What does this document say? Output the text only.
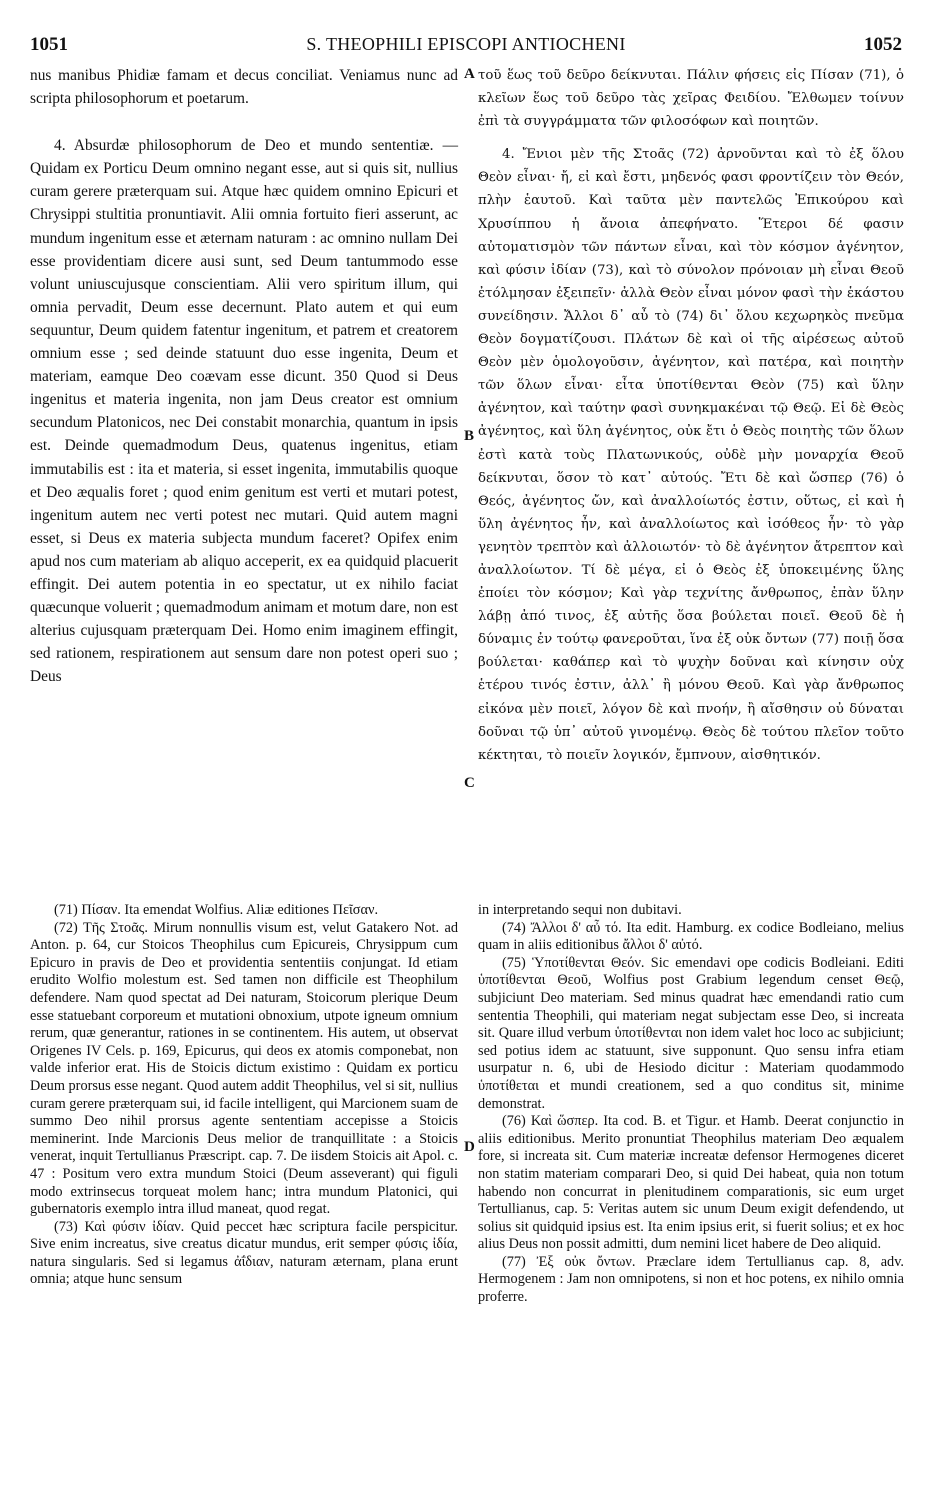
1051	S. THEOPHILI EPISCOPI ANTIOCHENI	1052

nus manibus Phidiæ famam et decus conciliat. Veniamus nunc ad scripta philosophorum et poetarum.

4. Absurdæ philosophorum de Deo et mundo sententiæ. — Quidam ex Porticu Deum omnino negant esse, aut si quis sit, nullius curam gerere præterquam sui. Atque hæc quidem omnino Epicuri et Chrysippi stultitia pronuntiavit. Alii omnia fortuito fieri asserunt, ac mundum ingenitum esse et æternam naturam : ac omnino nullam Dei esse providentiam dicere ausi sunt, sed Deum tantummodo esse volunt uniuscujusque conscientiam. Alii vero spiritum illum, qui omnia pervadit, Deum esse decernunt. Plato autem et qui eum sequuntur, Deum quidem fatentur ingenitum, et patrem et creatorem omnium esse ; sed deinde statuunt duo esse ingenita, Deum et materiam, eamque Deo coævam esse dicunt. 350 Quod si Deus ingenitus et materia ingenita, non jam Deus creator est omnium secundum Platonicos, nec Dei constabit monarchia, quantum in ipsis est. Deinde quemadmodum Deus, quatenus ingenitus, etiam immutabilis est : ita et materia, si esset ingenita, immutabilis quoque et Deo æqualis foret ; quod enim genitum est verti et mutari potest, ingenitum autem nec verti potest nec mutari. Quid autem magni esset, si Deus ex materia subjecta mundum faceret? Opifex enim apud nos cum materiam ab aliquo acceperit, ex ea quidquid placuerit effingit. Dei autem potentia in eo spectatur, ut ex nihilo faciat quæcunque voluerit ; quemadmodum animam et motum dare, non est alterius cujusquam præterquam Dei. Homo enim imaginem effingit, sed rationem, respirationem aut sensum dare non potest operi suo ; Deus

A
B
C
D

τοῦ ἕως τοῦ δεῦρο δείκνυται. Πάλιν φήσεις εἰς Πίσαν (71), ὁ κλεῖων ἕως τοῦ δεῦρο τὰς χεῖρας Φειδίου. Ἔλθωμεν τοίνυν ἐπὶ τὰ συγγράμματα τῶν φιλοσόφων καὶ ποιητῶν.

4. Ἔνιοι μὲν τῆς Στοᾶς (72) ἀρνοῦνται καὶ τὸ ἐξ ὅλου Θεὸν εἶναι· ἤ, εἰ καὶ ἔστι, μηδενός φασι φροντίζειν τὸν Θεόν, πλὴν ἑαυτοῦ. Καὶ ταῦτα μὲν παντελῶς Ἐπικούρου καὶ Χρυσίππου ἡ ἄνοια ἀπεφήνατο. Ἕτεροι δέ φασιν αὐτοματισμὸν τῶν πάντων εἶναι, καὶ τὸν κόσμον ἀγένητον, καὶ φύσιν ἰδίαν (73), καὶ τὸ σύνολον πρόνοιαν μὴ εἶναι Θεοῦ ἐτόλμησαν ἐξειπεῖν· ἀλλὰ Θεὸν εἶναι μόνον φασὶ τὴν ἑκάστου συνείδησιν. Ἄλλοι δ᾽ αὖ τὸ (74) δι᾽ ὅλου κεχωρηκὸς πνεῦμα Θεὸν δογματίζουσι. Πλάτων δὲ καὶ οἱ τῆς αἱρέσεως αὐτοῦ Θεὸν μὲν ὁμολογοῦσιν, ἀγένητον, καὶ πατέρα, καὶ ποιητὴν τῶν ὅλων εἶναι· εἶτα ὑποτίθενται Θεὸν (75) καὶ ὕλην ἀγένητον, καὶ ταύτην φασὶ συνηκμακέναι τῷ Θεῷ. Εἰ δὲ Θεὸς ἀγένητος, καὶ ὕλη ἀγένητος, οὐκ ἔτι ὁ Θεὸς ποιητὴς τῶν ὅλων ἐστὶ κατὰ τοὺς Πλατωνικούς, οὐδὲ μὴν μοναρχία Θεοῦ δείκνυται, ὅσον τὸ κατ᾽ αὐτούς. Ἔτι δὲ καὶ ὥσπερ (76) ὁ Θεός, ἀγένητος ὤν, καὶ ἀναλλοίωτός ἐστιν, οὕτως, εἰ καὶ ἡ ὕλη ἀγένητος ἦν, καὶ ἀναλλοίωτος καὶ ἰσόθεος ἦν· τὸ γὰρ γενητὸν τρεπτὸν καὶ ἀλλοιωτόν· τὸ δὲ ἀγένητον ἄτρεπτον καὶ ἀναλλοίωτον. Τί δὲ μέγα, εἰ ὁ Θεὸς ἐξ ὑποκειμένης ὕλης ἐποίει τὸν κόσμον; Καὶ γὰρ τεχνίτης ἄνθρωπος, ἐπὰν ὕλην λάβῃ ἀπό τινος, ἐξ αὐτῆς ὅσα βούλεται ποιεῖ. Θεοῦ δὲ ἡ δύναμις ἐν τούτῳ φανεροῦται, ἵνα ἐξ οὐκ ὄντων (77) ποιῇ ὅσα βούλεται· καθάπερ καὶ τὸ ψυχὴν δοῦναι καὶ κίνησιν οὐχ ἑτέρου τινός ἐστιν, ἀλλ᾽ ἢ μόνου Θεοῦ. Καὶ γὰρ ἄνθρωπος εἰκόνα μὲν ποιεῖ, λόγον δὲ καὶ πνοήν, ἢ αἴσθησιν οὐ δύναται δοῦναι τῷ ὑπ᾽ αὐτοῦ γινομένῳ. Θεὸς δὲ τούτου πλεῖον τοῦτο κέκτηται, τὸ ποιεῖν λογικόν, ἔμπνουν, αἰσθητικόν.

(71) Πίσαν. Ita emendat Wolfius. Aliæ editiones Πεῖσαν.

(72) Τῆς Στοᾶς. Mirum nonnullis visum est, velut Gatakero Not. ad Anton. p. 64, cur Stoicos Theophilus cum Epicureis, Chrysippum cum Epicuro in pravis de Deo et providentia sententiis conjungat. Id etiam erudito Wolfio molestum est. Sed tamen non difficile est Theophilum defendere. Nam quod spectat ad Dei naturam, Stoicorum plerique Deum esse statuebant corporeum et mutationi obnoxium, utpote igneum omnium rerum, quæ generantur, rationes in se continentem. His autem, ut observat Origenes IV Cels. p. 169, Epicurus, qui deos ex atomis componebat, non valde inferior erat. His de Stoicis dictum existimo : Quidam ex porticu Deum prorsus esse negant. Quod autem addit Theophilus, vel si sit, nullius curam gerere præterquam sui, id facile intelligent, qui Marcionem suam de summo Deo nihil prorsus agente sententiam accepisse a Stoicis meminerint. Inde Marcionis Deus melior de tranquillitate : a Stoicis venerat, inquit Tertullianus Præscript. cap. 7. De iisdem Stoicis ait Apol. c. 47 : Positum vero extra mundum Stoici (Deum asseverant) qui figuli modo extrinsecus torqueat molem hanc; intra mundum Platonici, qui gubernatoris exemplo intra illud maneat, quod regat.

(73) Καὶ φύσιν ἰδίαν. Quid peccet hæc scriptura facile perspicitur. Sive enim increatus, sive creatus dicatur mundus, erit semper φύσις ἰδία, natura singularis. Sed si legamus ἀΐδιαν, naturam æternam, plana erunt omnia; atque hunc sensum

in interpretando sequi non dubitavi.

(74) Ἄλλοι δ' αὖ τό. Ita edit. Hamburg. ex codice Bodleiano, melius quam in aliis editionibus ἄλλοι δ' αὐτό.

(75) Ὑποτίθενται Θεόν. Sic emendavi ope codicis Bodleiani. Editi ὑποτίθενται Θεοῦ, Wolfius post Grabium legendum censet Θεῷ, subjiciunt Deo materiam. Sed minus quadrat hæc emendandi ratio cum sententia Theophili, qui materiam negat subjectam esse Deo, si increata sit. Quare illud verbum ὑποτίθενται non idem valet hoc loco ac subjiciunt; sed potius idem ac statuunt, sive supponunt. Quo sensu infra etiam usurpatur n. 6, ubi de Hesiodo dicitur : Materiam quodammodo ὑποτίθεται et mundi creationem, sed a quo conditus sit, minime demonstrat.

(76) Καὶ ὥσπερ. Ita cod. B. et Tigur. et Hamb. Deerat conjunctio in aliis editionibus. Merito pronuntiat Theophilus materiam Deo æqualem fore, si increata sit. Cum materiæ increatæ defensor Hermogenes diceret non statim materiam comparari Deo, si quid Dei habeat, quia non totum habendo non concurrat in plenitudinem comparationis, sic eum urget Tertullianus, cap. 5: Veritas autem sic unum Deum exigit defendendo, ut solius sit quidquid ipsius est. Ita enim ipsius erit, si fuerit solius; et ex hoc alius Deus non possit admitti, dum nemini licet habere de Deo aliquid.

(77) Ἐξ οὐκ ὄντων. Præclare idem Tertullianus cap. 8, adv. Hermogenem : Jam non omnipotens, si non et hoc potens, ex nihilo omnia proferre.
